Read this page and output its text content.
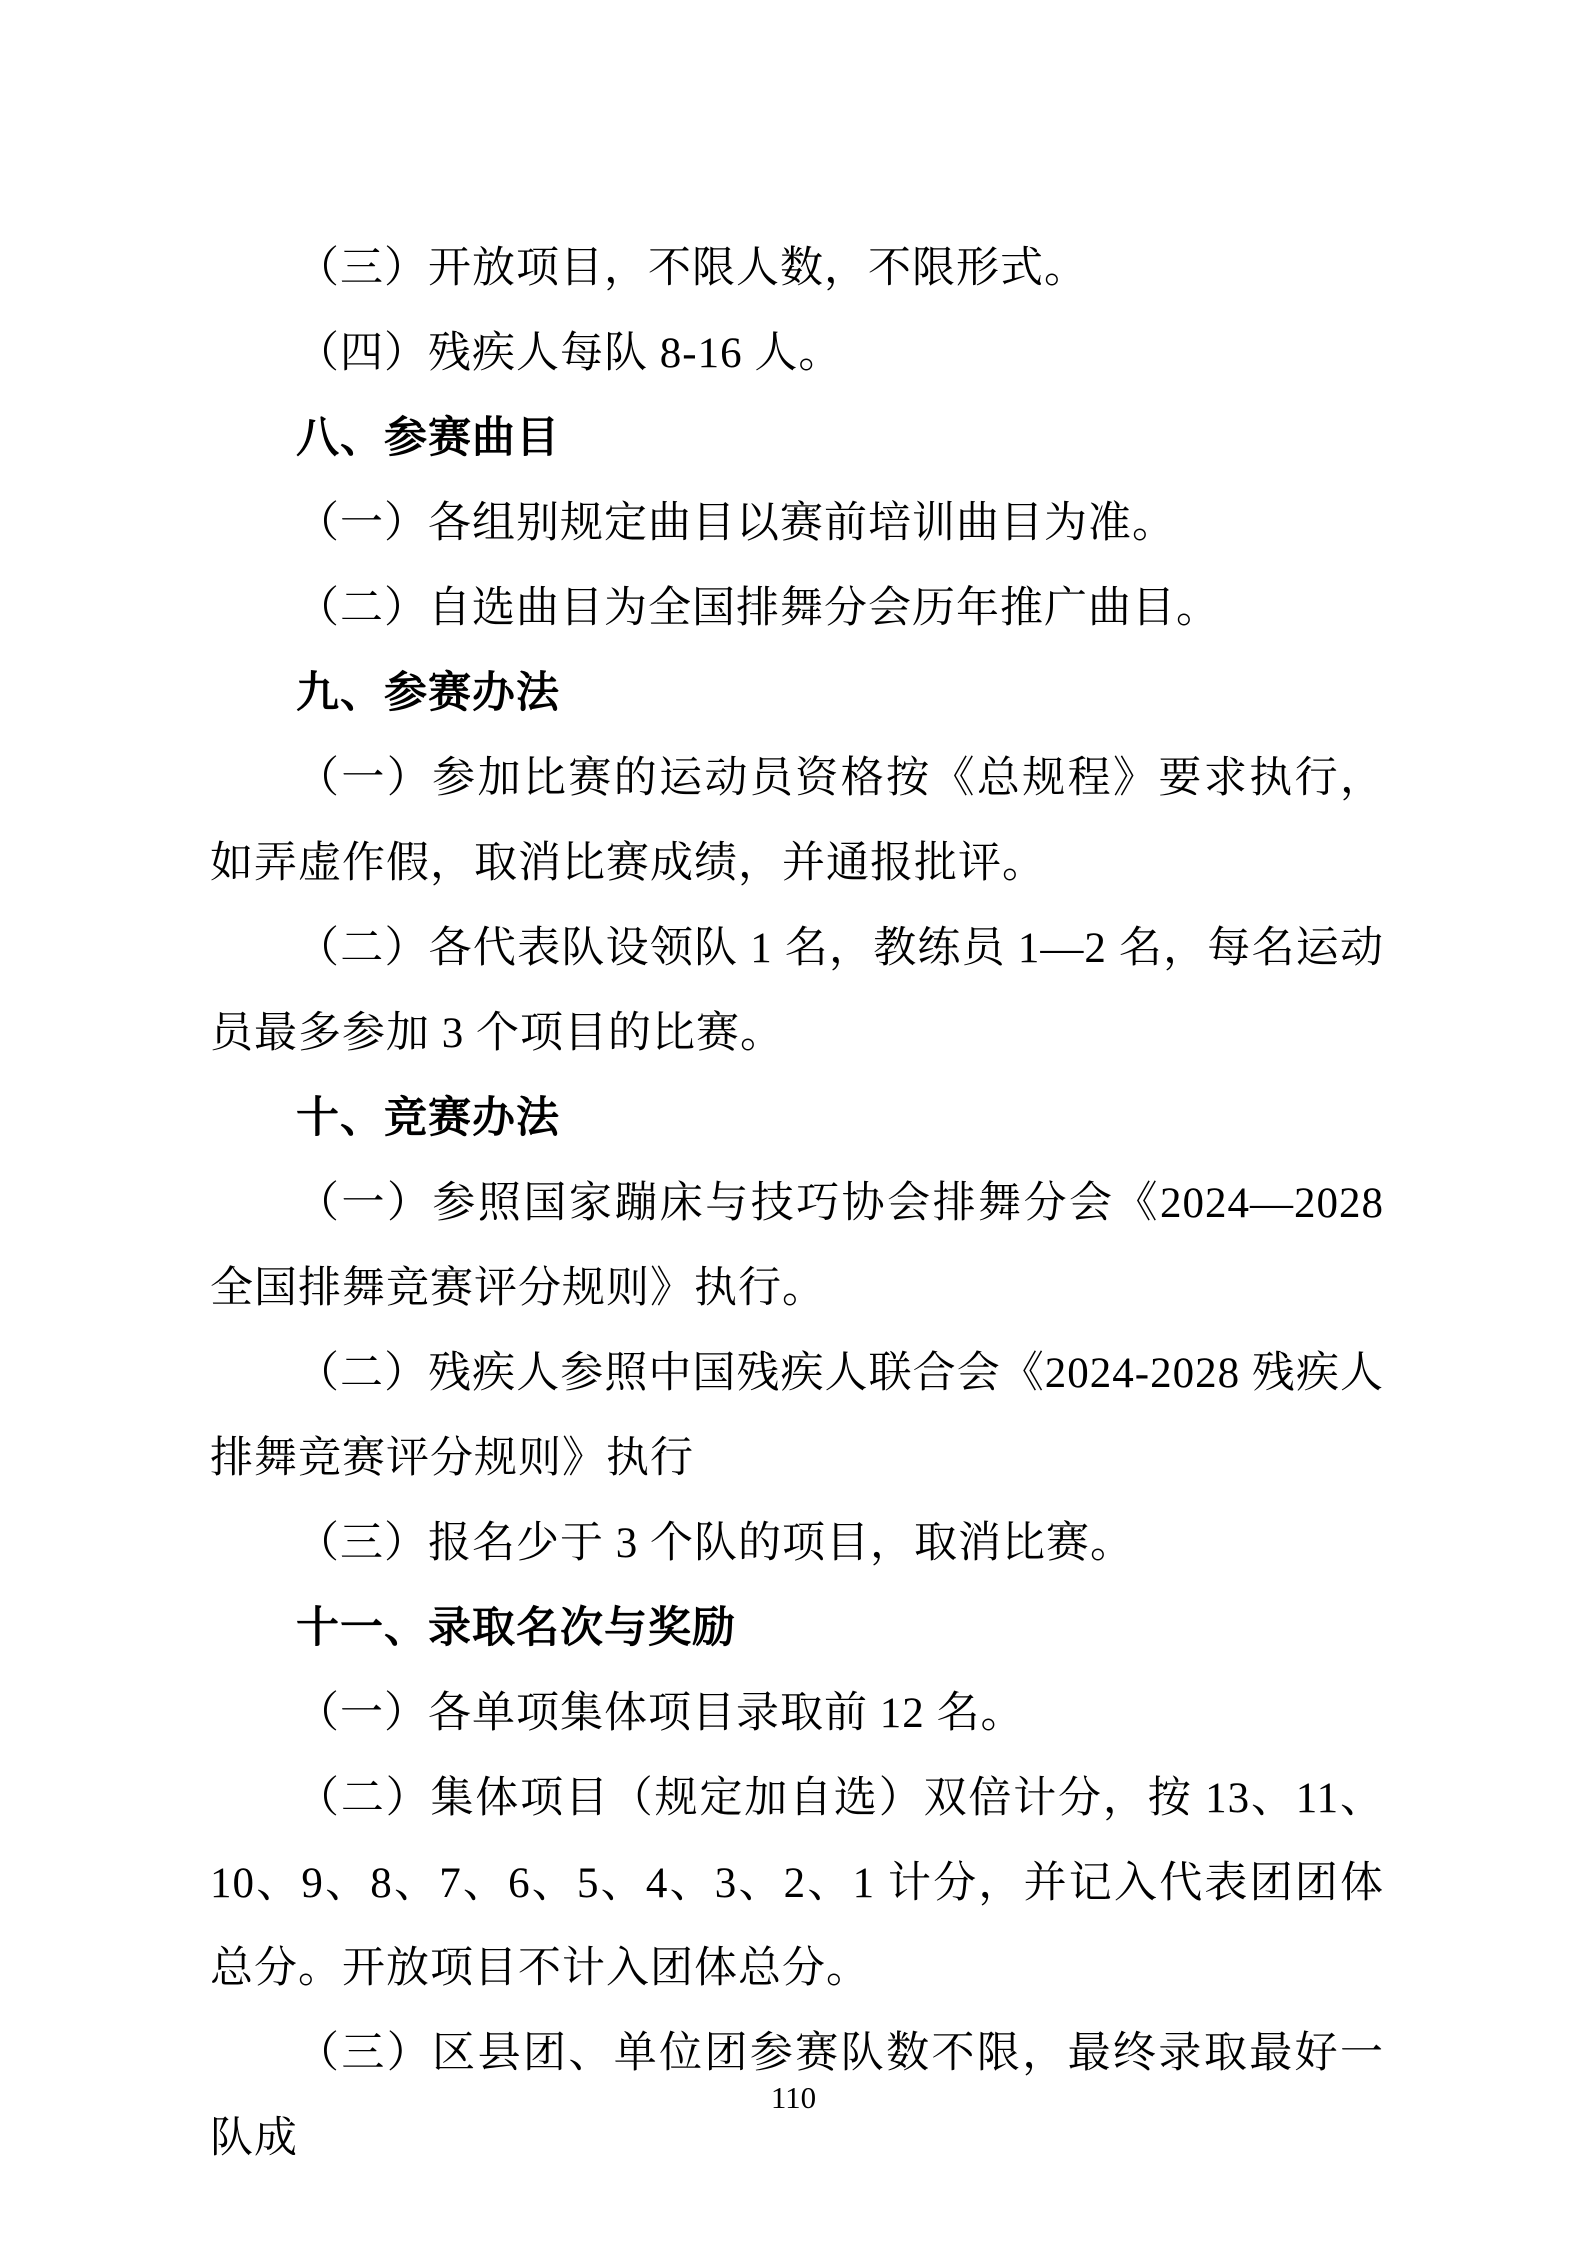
（三）开放项目，不限人数，不限形式。

（四）残疾人每队 8-16 人。

八、参赛曲目

（一）各组别规定曲目以赛前培训曲目为准。

（二）自选曲目为全国排舞分会历年推广曲目。

九、参赛办法

（一）参加比赛的运动员资格按《总规程》要求执行，如弄虚作假，取消比赛成绩，并通报批评。

（二）各代表队设领队 1 名，教练员 1—2 名，每名运动员最多参加 3 个项目的比赛。

十、竞赛办法

（一）参照国家蹦床与技巧协会排舞分会《2024—2028 全国排舞竞赛评分规则》执行。

（二）残疾人参照中国残疾人联合会《2024-2028 残疾人排舞竞赛评分规则》执行

（三）报名少于 3 个队的项目，取消比赛。

十一、录取名次与奖励

（一）各单项集体项目录取前 12 名。

（二）集体项目（规定加自选）双倍计分，按 13、11、10、9、8、7、6、5、4、3、2、1 计分，并记入代表团团体总分。开放项目不计入团体总分。

（三）区县团、单位团参赛队数不限，最终录取最好一队成

110
